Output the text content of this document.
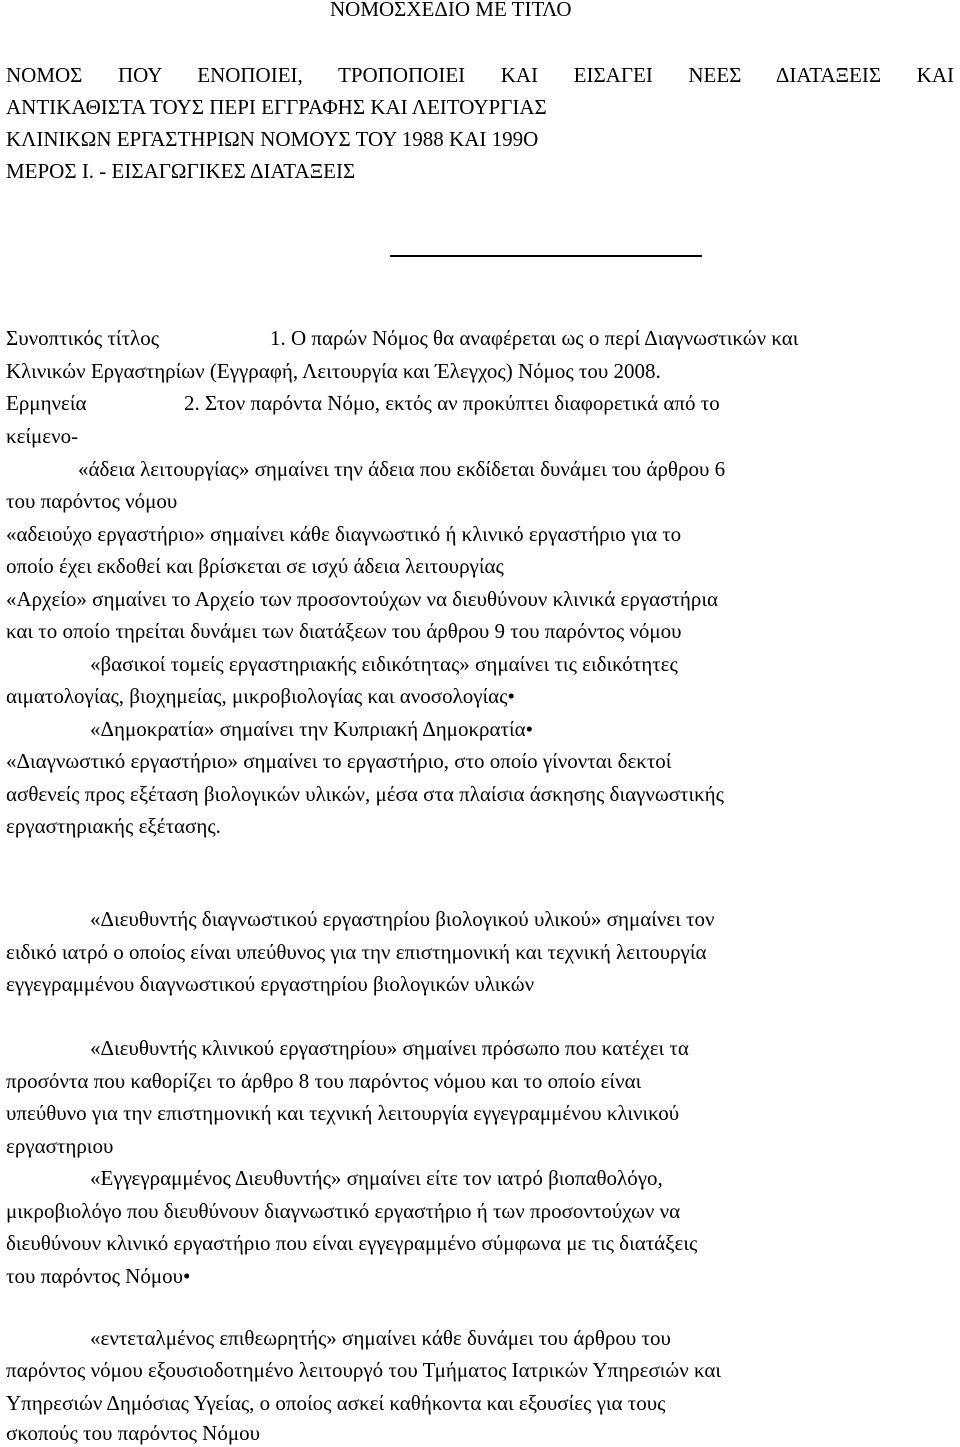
ΝΟΜΟΣΧΕΔΙΟ ΜΕ ΤΙΤΛΟ
ΝΟΜΟΣ ΠΟΥ ΕΝΟΠΟΙΕΙ, ΤΡΟΠΟΠΟΙΕΙ ΚΑΙ ΕΙΣΑΓΕΙ ΝΕΕΣ ΔΙΑΤΑΞΕΙΣ ΚΑΙ
ΑΝΤΙΚΑΘΙΣΤΑ ΤΟΥΣ ΠΕΡΙ ΕΓΓΡΑΦΗΣ ΚΑΙ ΛΕΙΤΟΥΡΓΙΑΣ
ΚΛΙΝΙΚΩΝ ΕΡΓΑΣΤΗΡΙΩΝ ΝΟΜΟΥΣ ΤΟΥ 1988 ΚΑΙ 199Ο
ΜΕΡΟΣ Ι. - ΕΙΣΑΓΩΓΙΚΕΣ ΔΙΑΤΑΞΕΙΣ
Συνοπτικός τίτλος	1. Ο παρών Νόμος θα αναφέρεται ως ο περί Διαγνωστικών και
Κλινικών Εργαστηρίων (Εγγραφή, Λειτουργία και Έλεγχος) Νόμος του 2008.
Ερμηνεία	2. Στον παρόντα Νόμο, εκτός αν προκύπτει διαφορετικά από το
κείμενο-
«άδεια λειτουργίας» σημαίνει την άδεια που εκδίδεται δυνάμει του άρθρου 6
του παρόντος νόμου
«αδειούχο εργαστήριο» σημαίνει κάθε διαγνωστικό ή κλινικό εργαστήριο για το
οποίο έχει εκδοθεί και βρίσκεται σε ισχύ άδεια λειτουργίας
«Αρχείο» σημαίνει το Αρχείο των προσοντούχων να διευθύνουν κλινικά εργαστήρια
και το οποίο τηρείται δυνάμει των διατάξεων του άρθρου 9 του παρόντος νόμου
«βασικοί τομείς εργαστηριακής ειδικότητας» σημαίνει τις ειδικότητες
αιματολογίας, βιοχημείας, μικροβιολογίας και ανοσολογίας•
«Δημοκρατία» σημαίνει την Κυπριακή Δημοκρατία•
«Διαγνωστικό εργαστήριο» σημαίνει το εργαστήριο, στο οποίο γίνονται δεκτοί
ασθενείς προς εξέταση βιολογικών υλικών, μέσα στα πλαίσια άσκησης διαγνωστικής
εργαστηριακής εξέτασης.
«Διευθυντής διαγνωστικού εργαστηρίου βιολογικού υλικού» σημαίνει τον
ειδικό ιατρό ο οποίος είναι υπεύθυνος για την επιστημονική και τεχνική λειτουργία
εγγεγραμμένου διαγνωστικού εργαστηρίου βιολογικών υλικών
«Διευθυντής κλινικού εργαστηρίου» σημαίνει πρόσωπο που κατέχει τα
προσόντα που καθορίζει το άρθρο 8 του παρόντος νόμου και το οποίο είναι
υπεύθυνο για την επιστημονική και τεχνική λειτουργία εγγεγραμμένου κλινικού
εργαστηριου
«Εγγεγραμμένος Διευθυντής» σημαίνει είτε τον ιατρό βιοπαθολόγο,
μικροβιολόγο που διευθύνουν διαγνωστικό εργαστήριο ή των προσοντούχων να
διευθύνουν κλινικό εργαστήριο που είναι εγγεγραμμένο σύμφωνα με τις διατάξεις
του παρόντος Νόμου•
«εντεταλμένος επιθεωρητής» σημαίνει κάθε δυνάμει του άρθρου του
παρόντος νόμου εξουσιοδοτημένο λειτουργό του Τμήματος Ιατρικών Υπηρεσιών και
Υπηρεσιών Δημόσιας Υγείας, ο οποίος ασκεί καθήκοντα και εξουσίες για τους
σκοπούς του παρόντος Νόμου
